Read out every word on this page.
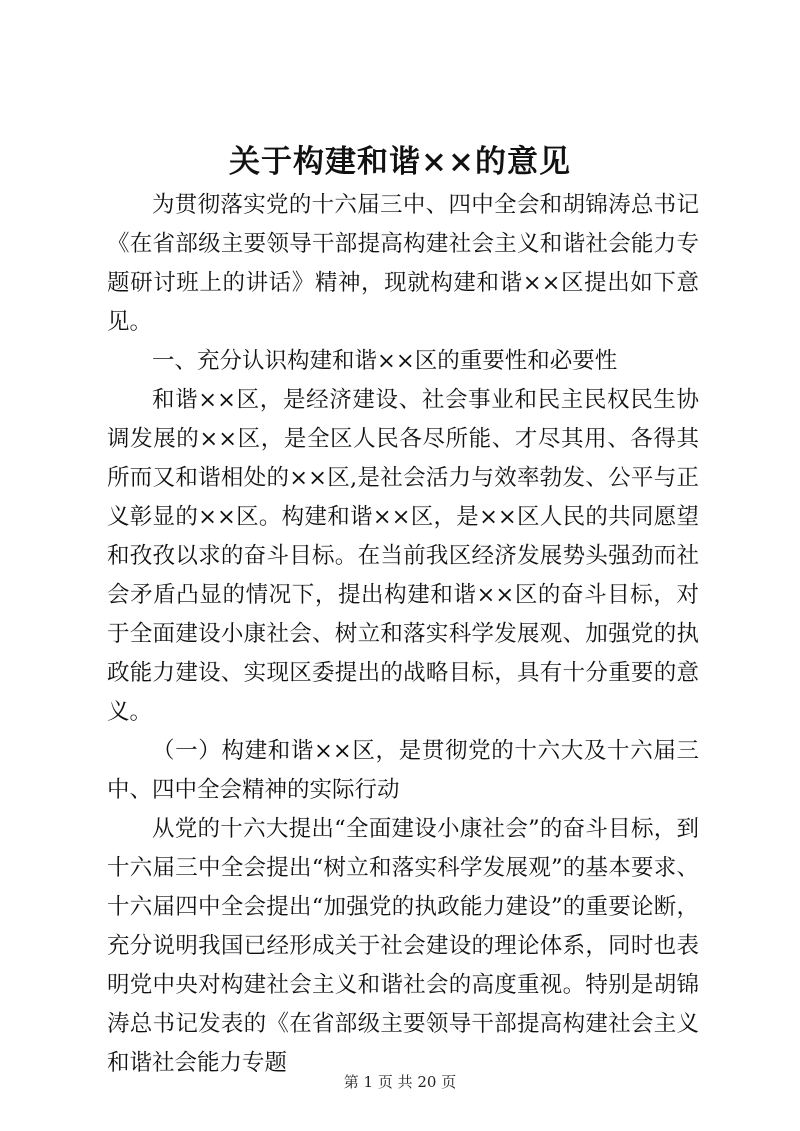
关于构建和谐××的意见

为贯彻落实党的十六届三中、四中全会和胡锦涛总书记《在省部级主要领导干部提高构建社会主义和谐社会能力专题研讨班上的讲话》精神，现就构建和谐××区提出如下意见。

一、充分认识构建和谐××区的重要性和必要性

和谐××区，是经济建设、社会事业和民主民权民生协调发展的××区，是全区人民各尽所能、才尽其用、各得其所而又和谐相处的××区,是社会活力与效率勃发、公平与正义彰显的××区。构建和谐××区，是××区人民的共同愿望和孜孜以求的奋斗目标。在当前我区经济发展势头强劲而社会矛盾凸显的情况下，提出构建和谐××区的奋斗目标，对于全面建设小康社会、树立和落实科学发展观、加强党的执政能力建设、实现区委提出的战略目标，具有十分重要的意义。

（一）构建和谐××区，是贯彻党的十六大及十六届三中、四中全会精神的实际行动

从党的十六大提出“全面建设小康社会”的奋斗目标，到十六届三中全会提出“树立和落实科学发展观”的基本要求、十六届四中全会提出“加强党的执政能力建设”的重要论断，充分说明我国已经形成关于社会建设的理论体系，同时也表明党中央对构建社会主义和谐社会的高度重视。特别是胡锦涛总书记发表的《在省部级主要领导干部提高构建社会主义和谐社会能力专题

第 1 页 共 20 页
